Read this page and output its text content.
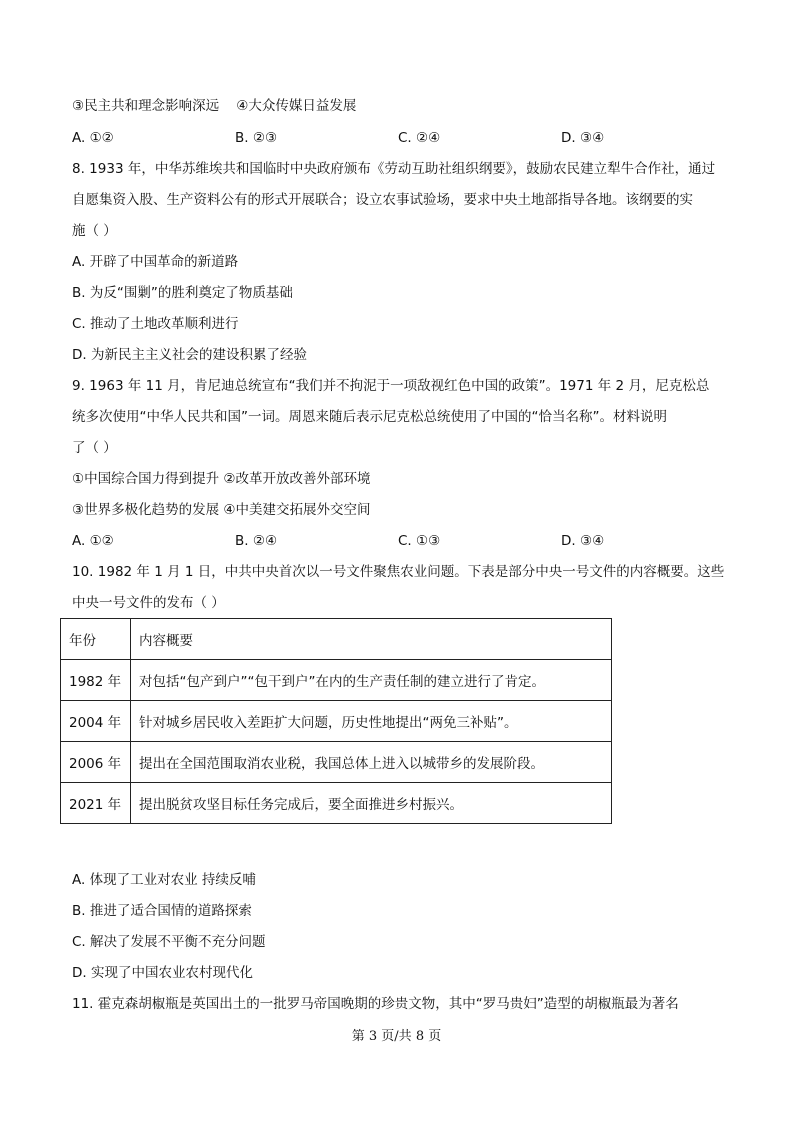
③民主共和理念影响深远 ④大众传媒日益发展
A. ①②	B. ②③	C. ②④	D. ③④
8. 1933 年，中华苏维埃共和国临时中央政府颁布《劳动互助社组织纲要》，鼓励农民建立犁牛合作社，通过
自愿集资入股、生产资料公有的形式开展联合；设立农事试验场，要求中央土地部指导各地。该纲要的实
施（ ）
A. 开辟了中国革命的新道路
B. 为反“围剿”的胜利奠定了物质基础
C. 推动了土地改革顺利进行
D. 为新民主主义社会的建设积累了经验
9. 1963 年 11 月，肯尼迪总统宣布“我们并不拘泥于一项敌视红色中国的政策”。1971 年 2 月，尼克松总
统多次使用“中华人民共和国”一词。周恩来随后表示尼克松总统使用了中国的“恰当名称”。材料说明
了（ ）
①中国综合国力得到提升 ②改革开放改善外部环境
③世界多极化趋势的发展 ④中美建交拓展外交空间
A. ①②	B. ②④	C. ①③	D. ③④
10. 1982 年 1 月 1 日，中共中央首次以一号文件聚焦农业问题。下表是部分中央一号文件的内容概要。这些
中央一号文件的发布（ ）
年份	内容概要
1982 年	对包括“包产到户”“包干到户”在内的生产责任制的建立进行了肯定。
2004 年	针对城乡居民收入差距扩大问题，历史性地提出“两免三补贴”。
2006 年	提出在全国范围取消农业税，我国总体上进入以城带乡的发展阶段。
2021 年	提出脱贫攻坚目标任务完成后，要全面推进乡村振兴。
A. 体现了工业对农业 持续反哺
B. 推进了适合国情的道路探索
C. 解决了发展不平衡不充分问题
D. 实现了中国农业农村现代化
11. 霍克森胡椒瓶是英国出土的一批罗马帝国晚期的珍贵文物，其中“罗马贵妇”造型的胡椒瓶最为著名
第 3 页/共 8 页
